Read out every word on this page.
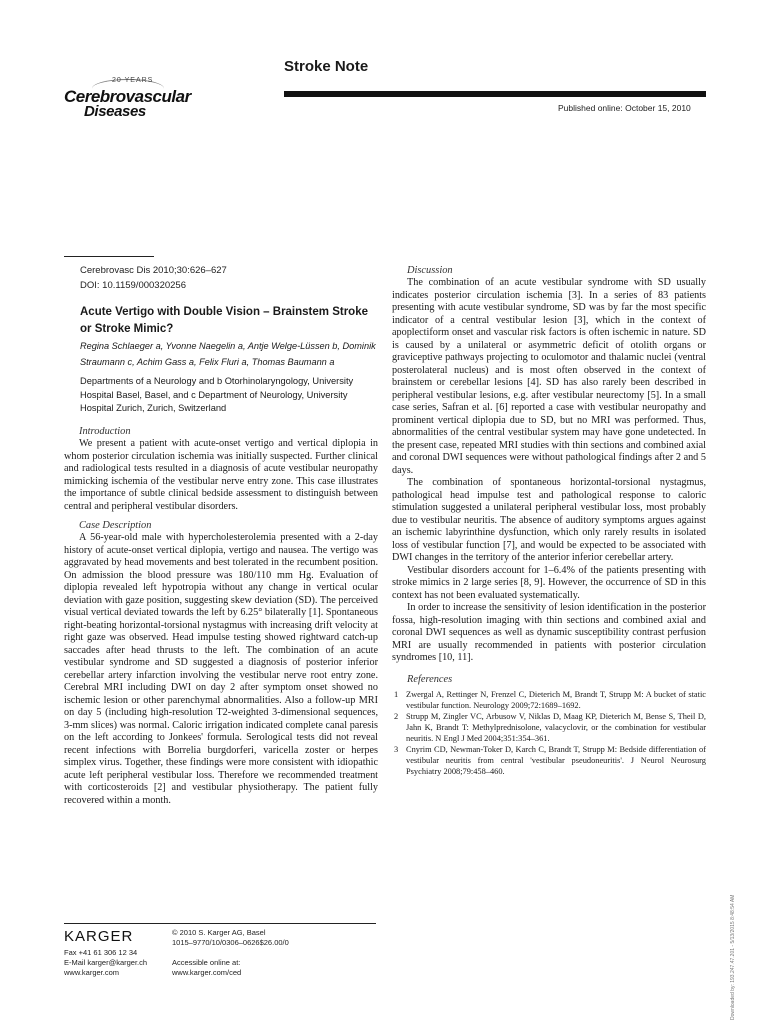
20 YEARS
Cerebrovascular
Diseases
Stroke Note
Published online: October 15, 2010
Cerebrovasc Dis 2010;30:626–627
DOI: 10.1159/000320256
Acute Vertigo with Double Vision – Brainstem Stroke or Stroke Mimic?
Regina Schlaeger a, Yvonne Naegelin a, Antje Welge-Lüssen b, Dominik Straumann c, Achim Gass a, Felix Fluri a, Thomas Baumann a
Departments of a Neurology and b Otorhinolaryngology, University Hospital Basel, Basel, and c Department of Neurology, University Hospital Zurich, Zurich, Switzerland
Introduction

We present a patient with acute-onset vertigo and vertical diplopia in whom posterior circulation ischemia was initially suspected. Further clinical and radiological tests resulted in a diagnosis of acute vestibular neuropathy mimicking ischemia of the vestibular nerve entry zone. This case illustrates the importance of subtle clinical bedside assessment to distinguish between central and peripheral vestibular disorders.

Case Description

A 56-year-old male with hypercholesterolemia presented with a 2-day history of acute-onset vertical diplopia, vertigo and nausea. The vertigo was aggravated by head movements and best tolerated in the recumbent position. On admission the blood pressure was 180/110 mm Hg. Evaluation of diplopia revealed left hypotropia without any change in vertical ocular deviation with gaze position, suggesting skew deviation (SD). The perceived visual vertical deviated towards the left by 6.25° bilaterally [1]. Spontaneous right-beating horizontal-torsional nystagmus with increasing drift velocity at right gaze was observed. Head impulse testing showed rightward catch-up saccades after head thrusts to the left. The combination of an acute vestibular syndrome and SD suggested a diagnosis of posterior inferior cerebellar artery infarction involving the vestibular nerve root entry zone. Cerebral MRI including DWI on day 2 after symptom onset showed no ischemic lesion or other parenchymal abnormalities. Also a follow-up MRI on day 5 (including high-resolution T2-weighted 3-dimensional sequences, 3-mm slices) was normal. Caloric irrigation indicated complete canal paresis on the left according to Jonkees' formula. Serological tests did not reveal recent infections with Borrelia burgdorferi, varicella zoster or herpes simplex virus. Together, these findings were more consistent with idiopathic acute left peripheral vestibular loss. Therefore we recommended treatment with corticosteroids [2] and vestibular physiotherapy. The patient fully recovered within a month.

Discussion

The combination of an acute vestibular syndrome with SD usually indicates posterior circulation ischemia [3]. In a series of 83 patients presenting with acute vestibular syndrome, SD was by far the most specific indicator of a central vestibular lesion [3], which in the context of apoplectiform onset and vascular risk factors is often ischemic in nature. SD is caused by a unilateral or asymmetric deficit of otolith organs or graviceptive pathways projecting to oculomotor and thalamic nuclei (ventral posterolateral nucleus) and is most often observed in the context of brainstem or cerebellar lesions [4]. SD has also rarely been described in peripheral vestibular lesions, e.g. after vestibular neurectomy [5]. In a small case series, Safran et al. [6] reported a case with vestibular neuropathy and prominent vertical diplopia due to SD, but no MRI was performed. Thus, abnormalities of the central vestibular system may have gone undetected. In the present case, repeated MRI studies with thin sections and combined axial and coronal DWI sequences were without pathological findings after 2 and 5 days.

The combination of spontaneous horizontal-torsional nystagmus, pathological head impulse test and pathological response to caloric stimulation suggested a unilateral peripheral vestibular loss, most probably due to vestibular neuritis. The absence of auditory symptoms argues against an ischemic labyrinthine dysfunction, which only rarely results in isolated loss of vestibular function [7], and would be expected to be associated with DWI changes in the territory of the anterior inferior cerebellar artery.

Vestibular disorders account for 1–6.4% of the patients presenting with stroke mimics in 2 large series [8, 9]. However, the occurrence of SD in this context has not been evaluated systematically.

In order to increase the sensitivity of lesion identification in the posterior fossa, high-resolution imaging with thin sections and combined axial and coronal DWI sequences as well as dynamic susceptibility contrast perfusion MRI are usually recommended in patients with posterior circulation syndromes [10, 11].

References
1 Zwergal A, Rettinger N, Frenzel C, Dieterich M, Brandt T, Strupp M: A bucket of static vestibular function. Neurology 2009;72:1689–1692.
2 Strupp M, Zingler VC, Arbusow V, Niklas D, Maag KP, Dieterich M, Bense S, Theil D, Jahn K, Brandt T: Methylprednisolone, valacyclovir, or the combination for vestibular neuritis. N Engl J Med 2004;351:354–361.
3 Cnyrim CD, Newman-Toker D, Karch C, Brandt T, Strupp M: Bedside differentiation of vestibular neuritis from central 'vestibular pseudoneuritis'. J Neurol Neurosurg Psychiatry 2008;79:458–460.
KARGER
Fax +41 61 306 12 34
E-Mail karger@karger.ch
www.karger.com
© 2010 S. Karger AG, Basel
1015–9770/10/0306–0626$26.00/0
Accessible online at:
www.karger.com/ced	Downloaded by: 193.247.47.201 - 5/13/2015 8:48:54 AM
